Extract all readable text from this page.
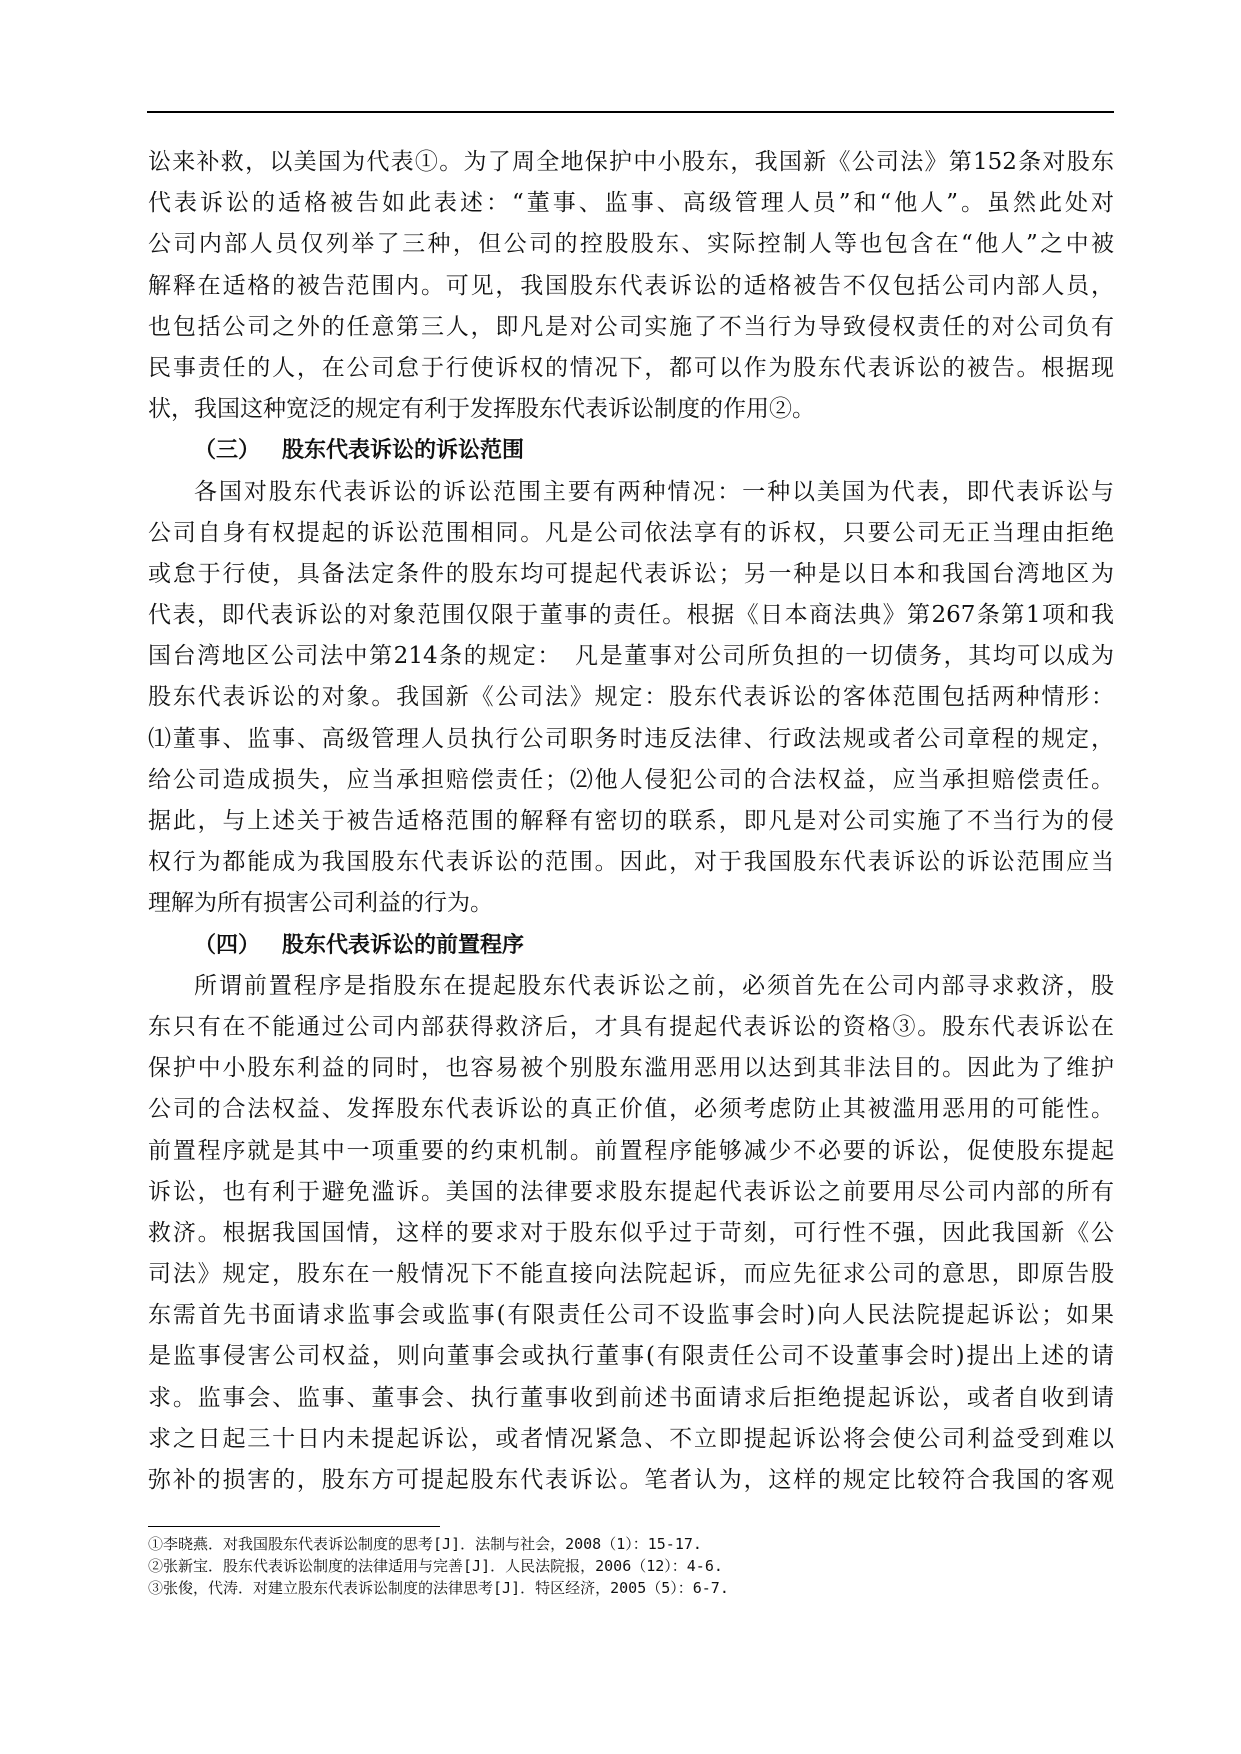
讼来补救，以美国为代表①。为了周全地保护中小股东，我国新《公司法》第152条对股东
代表诉讼的适格被告如此表述：“董事、监事、高级管理人员”和“他人”。虽然此处对
公司内部人员仅列举了三种，但公司的控股股东、实际控制人等也包含在“他人”之中被
解释在适格的被告范围内。可见，我国股东代表诉讼的适格被告不仅包括公司内部人员，
也包括公司之外的任意第三人，即凡是对公司实施了不当行为导致侵权责任的对公司负有
民事责任的人，在公司怠于行使诉权的情况下，都可以作为股东代表诉讼的被告。根据现
状，我国这种宽泛的规定有利于发挥股东代表诉讼制度的作用②。
（三） 股东代表诉讼的诉讼范围
各国对股东代表诉讼的诉讼范围主要有两种情况：一种以美国为代表，即代表诉讼与
公司自身有权提起的诉讼范围相同。凡是公司依法享有的诉权，只要公司无正当理由拒绝
或怠于行使，具备法定条件的股东均可提起代表诉讼；另一种是以日本和我国台湾地区为
代表，即代表诉讼的对象范围仅限于董事的责任。根据《日本商法典》第267条第1项和我
国台湾地区公司法中第214条的规定：　凡是董事对公司所负担的一切债务，其均可以成为
股东代表诉讼的对象。我国新《公司法》规定：股东代表诉讼的客体范围包括两种情形：
⑴董事、监事、高级管理人员执行公司职务时违反法律、行政法规或者公司章程的规定，
给公司造成损失，应当承担赔偿责任；⑵他人侵犯公司的合法权益，应当承担赔偿责任。
据此，与上述关于被告适格范围的解释有密切的联系，即凡是对公司实施了不当行为的侵
权行为都能成为我国股东代表诉讼的范围。因此，对于我国股东代表诉讼的诉讼范围应当
理解为所有损害公司利益的行为。
（四） 股东代表诉讼的前置程序
所谓前置程序是指股东在提起股东代表诉讼之前，必须首先在公司内部寻求救济，股
东只有在不能通过公司内部获得救济后，才具有提起代表诉讼的资格③。股东代表诉讼在
保护中小股东利益的同时，也容易被个别股东滥用恶用以达到其非法目的。因此为了维护
公司的合法权益、发挥股东代表诉讼的真正价值，必须考虑防止其被滥用恶用的可能性。
前置程序就是其中一项重要的约束机制。前置程序能够减少不必要的诉讼，促使股东提起
诉讼，也有利于避免滥诉。美国的法律要求股东提起代表诉讼之前要用尽公司内部的所有
救济。根据我国国情，这样的要求对于股东似乎过于苛刻，可行性不强，因此我国新《公
司法》规定，股东在一般情况下不能直接向法院起诉，而应先征求公司的意思，即原告股
东需首先书面请求监事会或监事(有限责任公司不设监事会时)向人民法院提起诉讼；如果
是监事侵害公司权益，则向董事会或执行董事(有限责任公司不设董事会时)提出上述的请
求。监事会、监事、董事会、执行董事收到前述书面请求后拒绝提起诉讼，或者自收到请
求之日起三十日内未提起诉讼，或者情况紧急、不立即提起诉讼将会使公司利益受到难以
弥补的损害的，股东方可提起股东代表诉讼。笔者认为，这样的规定比较符合我国的客观
①李晓燕．对我国股东代表诉讼制度的思考[J]．法制与社会，2008（1）：15-17.
②张新宝．股东代表诉讼制度的法律适用与完善[J]．人民法院报，2006（12）：4-6.
③张俊，代涛．对建立股东代表诉讼制度的法律思考[J]．特区经济，2005（5）：6-7.
